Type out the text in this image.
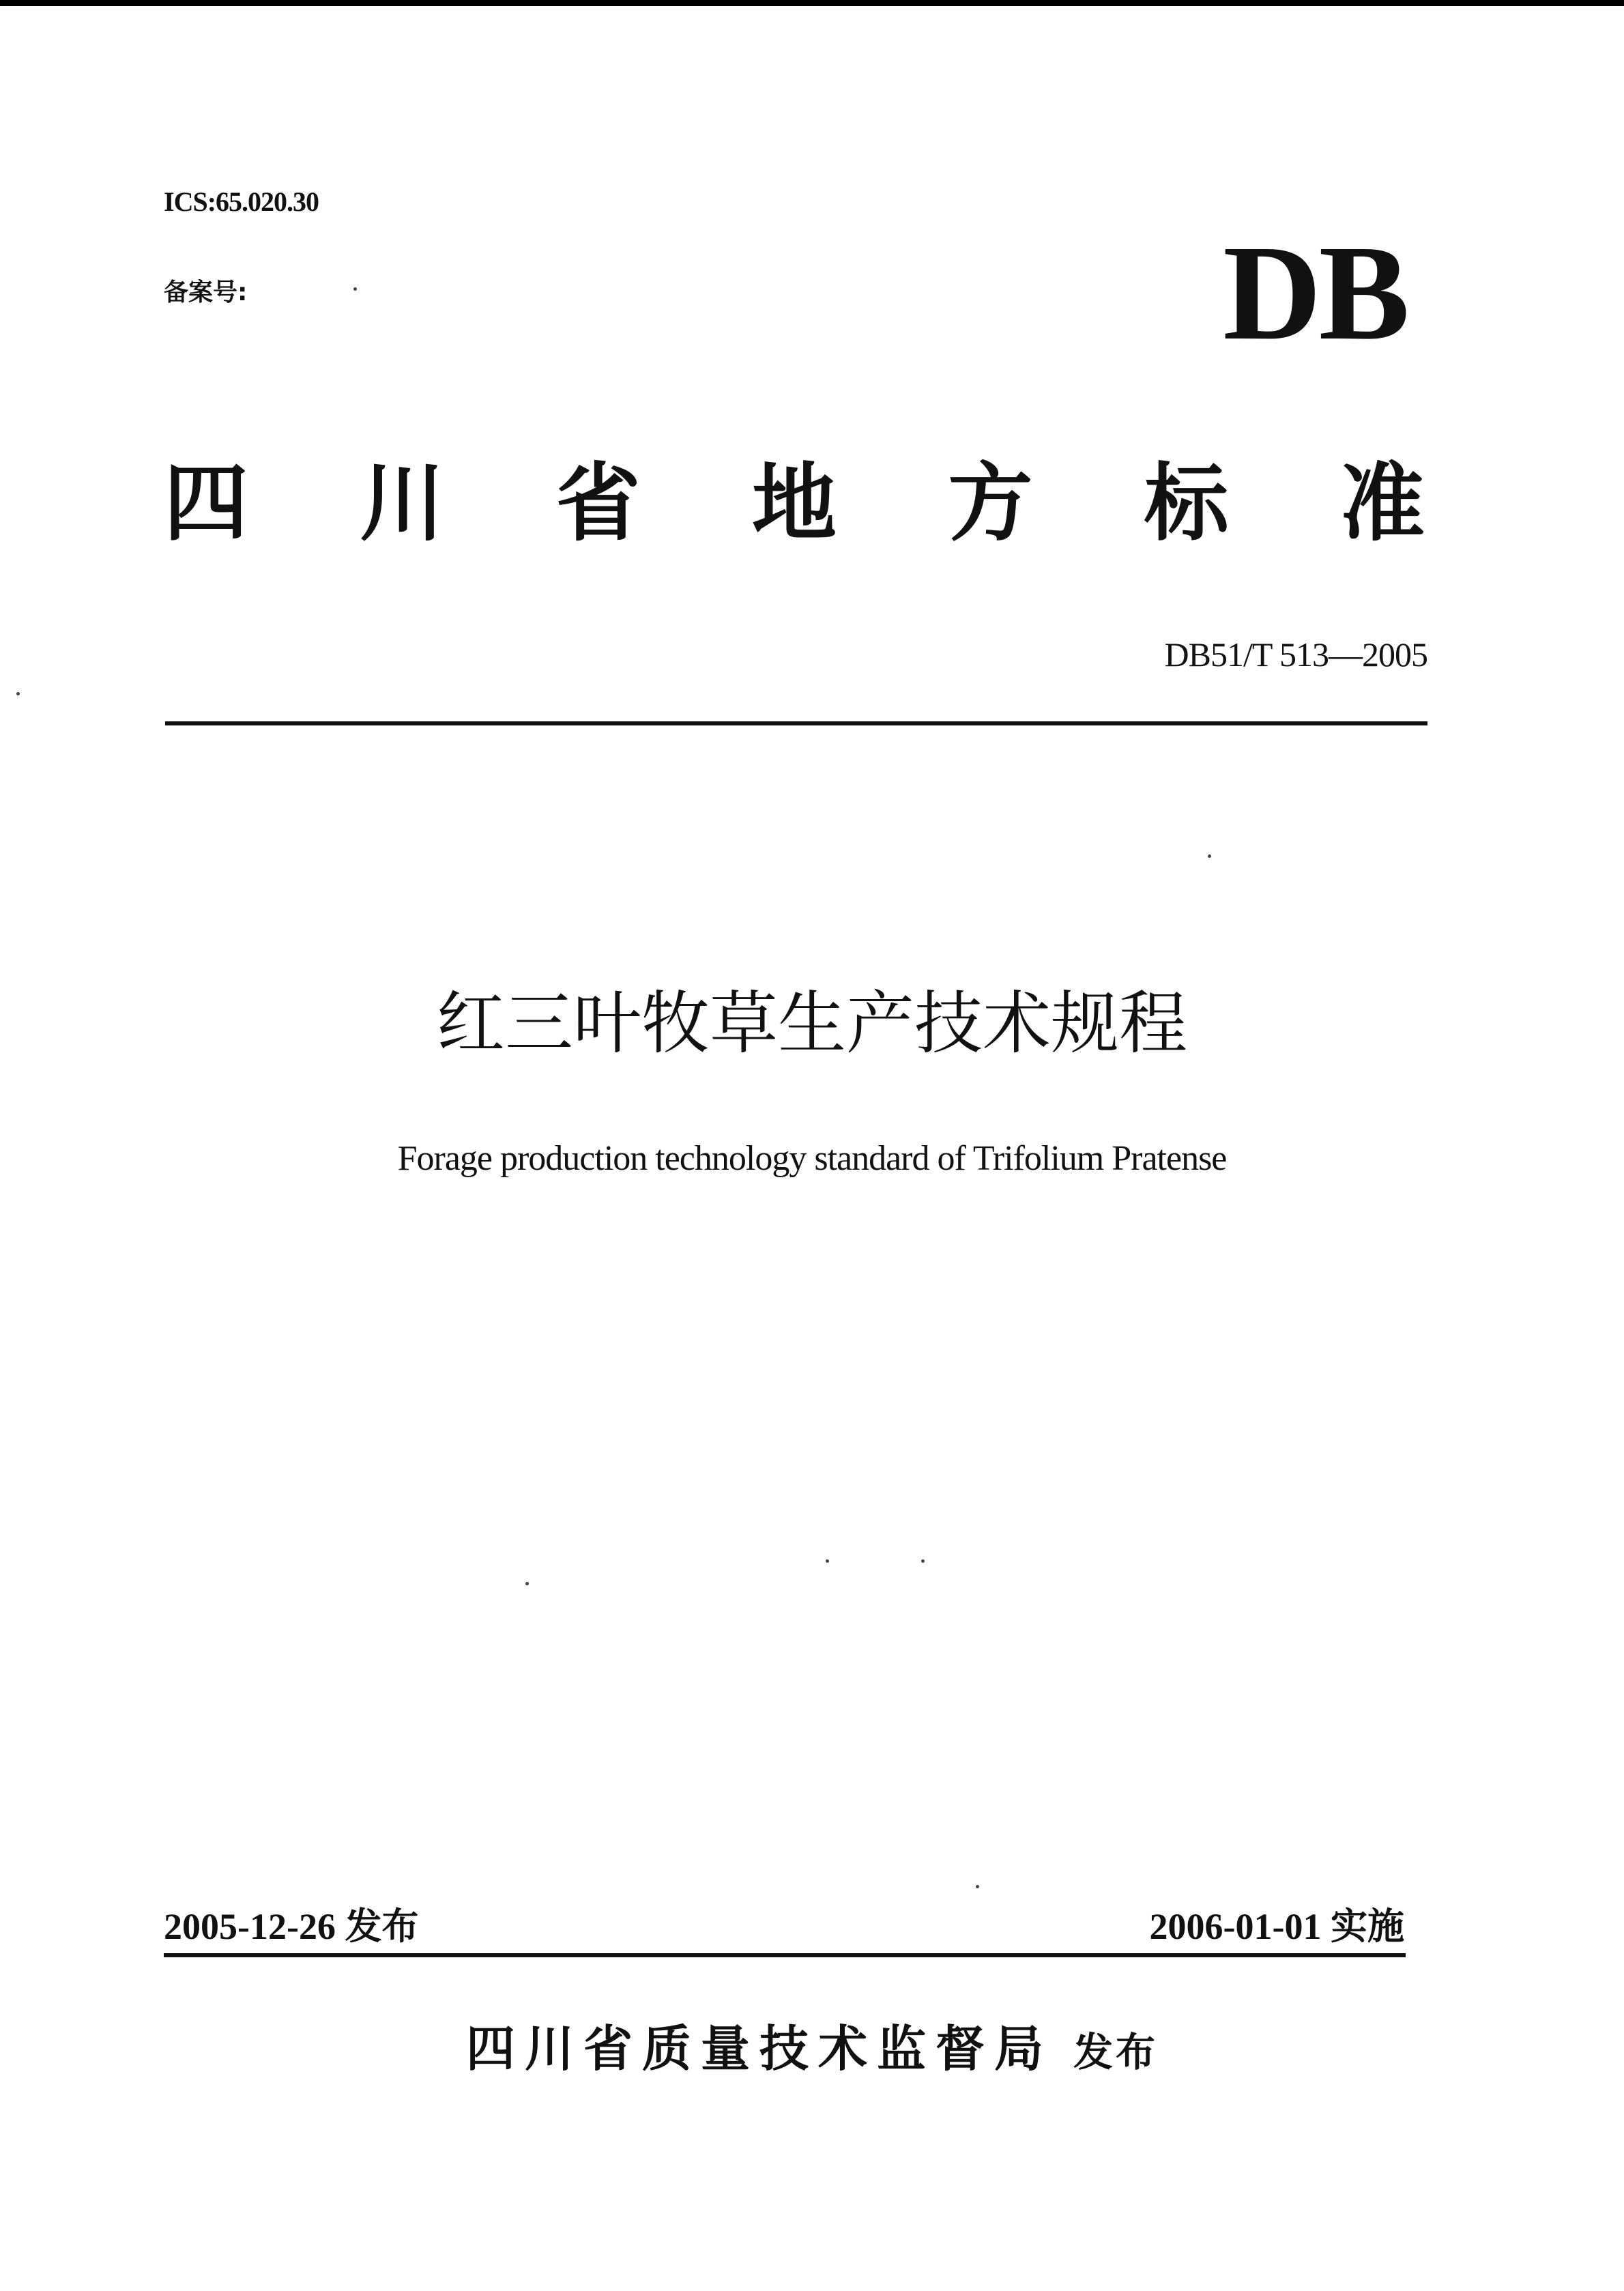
ICS:65.020.30
备案号:	DB
四 川 省 地 方 标 准
DB51/T 513—2005
红三叶牧草生产技术规程
Forage production technology standard of Trifolium Pratense
2005-12-26 发布	2006-01-01 实施
四川省质量技术监督局 发布
